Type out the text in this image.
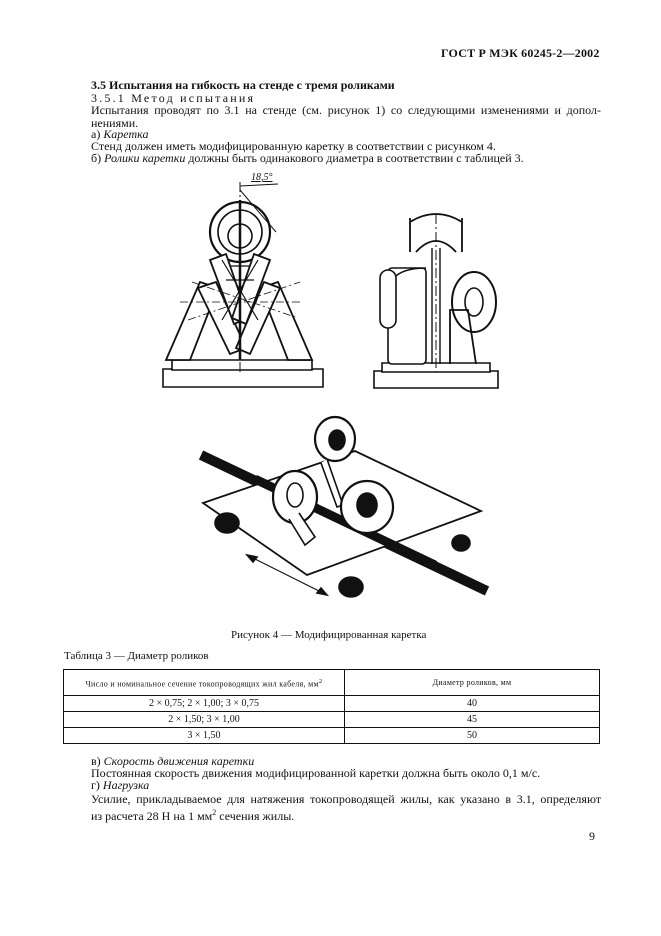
ГОСТ Р МЭК 60245-2—2002
3.5 Испытания на гибкость на стенде с тремя роликами
3.5.1 Метод испытания
Испытания проводят по 3.1 на стенде (см. рисунок 1) со следующими изменениями и допол-
нениями.
а) Каретка
Стенд должен иметь модифицированную каретку в соответствии с рисунком 4.
б) Ролики каретки должны быть одинакового диаметра в соответствии с таблицей 3.
18,5°
Рисунок 4 — Модифицированная каретка
Таблица 3 — Диаметр роликов
Число и номинальное сечение токопроводящих жил кабеля, $мм^2$	Диаметр роликов, мм
2 × 0,75; 2 × 1,00; 3 × 0,75	40
2 × 1,50; 3 × 1,00	45
3 × 1,50	50
в) Скорость движения каретки
Постоянная скорость движения модифицированной каретки должна быть около 0,1 м/с.
г) Нагрузка
Усилие, прикладываемое для натяжения токопроводящей жилы, как указано в 3.1, определяют
из расчета 28 Н на 1 $мм^2$ сечения жилы.
9
